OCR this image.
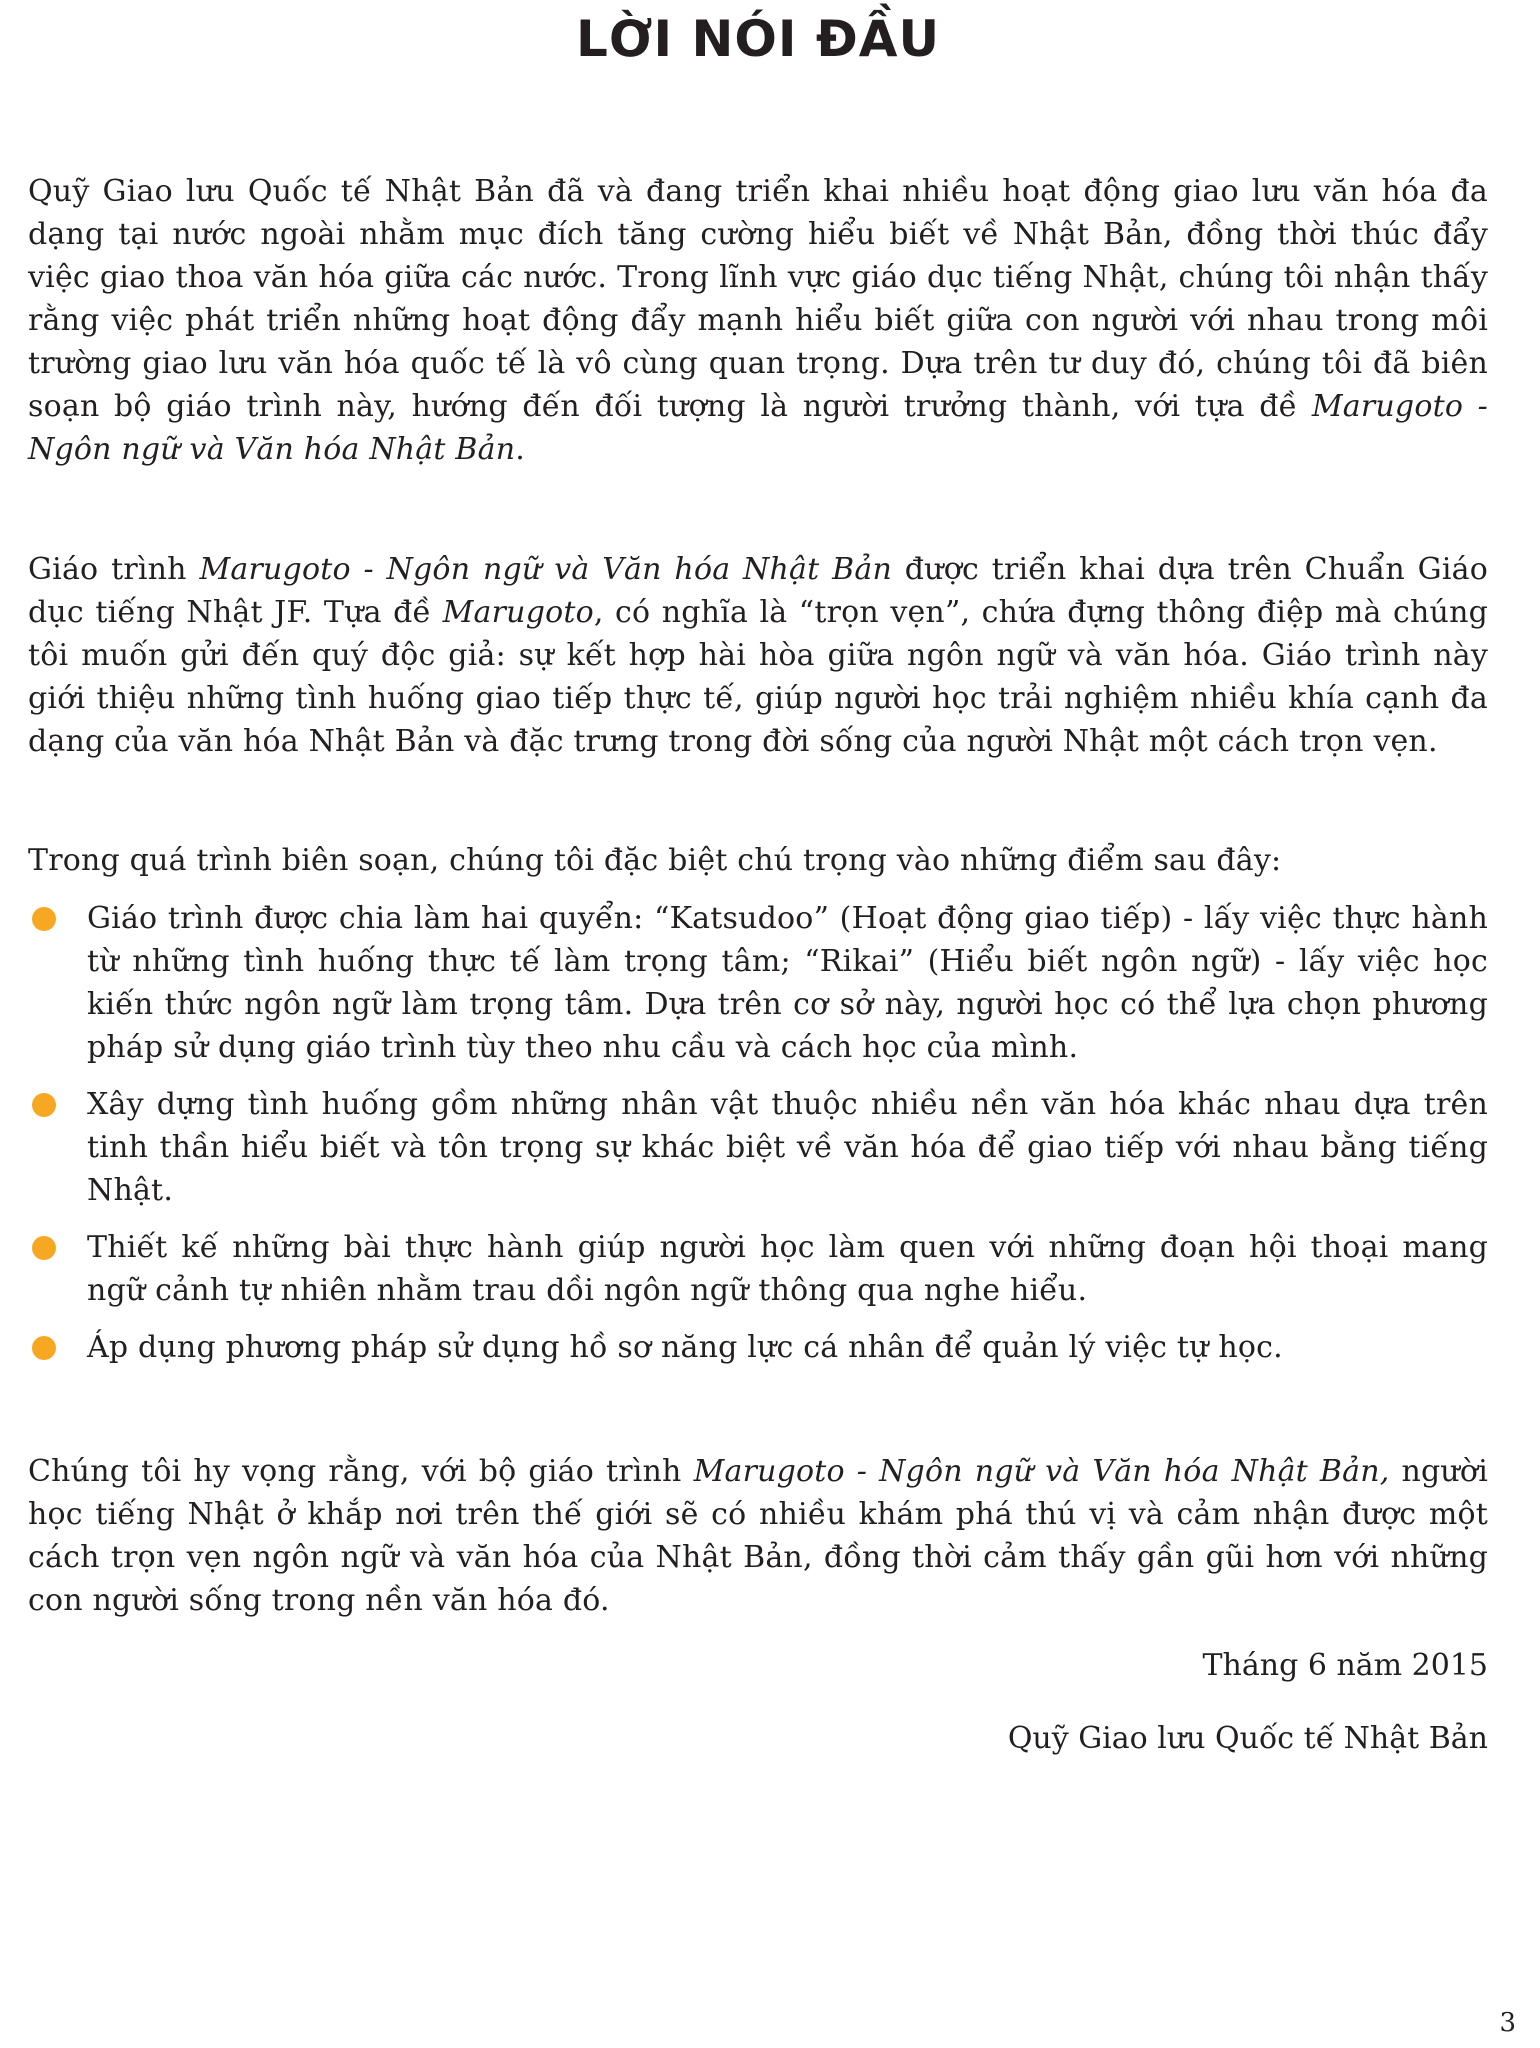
LỜI NÓI ĐẦU

Quỹ Giao lưu Quốc tế Nhật Bản đã và đang triển khai nhiều hoạt động giao lưu văn hóa đa dạng tại nước ngoài nhằm mục đích tăng cường hiểu biết về Nhật Bản, đồng thời thúc đẩy việc giao thoa văn hóa giữa các nước. Trong lĩnh vực giáo dục tiếng Nhật, chúng tôi nhận thấy rằng việc phát triển những hoạt động đẩy mạnh hiểu biết giữa con người với nhau trong môi trường giao lưu văn hóa quốc tế là vô cùng quan trọng. Dựa trên tư duy đó, chúng tôi đã biên soạn bộ giáo trình này, hướng đến đối tượng là người trưởng thành, với tựa đề Marugoto - Ngôn ngữ và Văn hóa Nhật Bản.

Giáo trình Marugoto - Ngôn ngữ và Văn hóa Nhật Bản được triển khai dựa trên Chuẩn Giáo dục tiếng Nhật JF. Tựa đề Marugoto, có nghĩa là “trọn vẹn”, chứa đựng thông điệp mà chúng tôi muốn gửi đến quý độc giả: sự kết hợp hài hòa giữa ngôn ngữ và văn hóa. Giáo trình này giới thiệu những tình huống giao tiếp thực tế, giúp người học trải nghiệm nhiều khía cạnh đa dạng của văn hóa Nhật Bản và đặc trưng trong đời sống của người Nhật một cách trọn vẹn.

Trong quá trình biên soạn, chúng tôi đặc biệt chú trọng vào những điểm sau đây:

Giáo trình được chia làm hai quyển: “Katsudoo” (Hoạt động giao tiếp) - lấy việc thực hành từ những tình huống thực tế làm trọng tâm; “Rikai” (Hiểu biết ngôn ngữ) - lấy việc học kiến thức ngôn ngữ làm trọng tâm. Dựa trên cơ sở này, người học có thể lựa chọn phương pháp sử dụng giáo trình tùy theo nhu cầu và cách học của mình.
Xây dựng tình huống gồm những nhân vật thuộc nhiều nền văn hóa khác nhau dựa trên tinh thần hiểu biết và tôn trọng sự khác biệt về văn hóa để giao tiếp với nhau bằng tiếng Nhật.
Thiết kế những bài thực hành giúp người học làm quen với những đoạn hội thoại mang ngữ cảnh tự nhiên nhằm trau dồi ngôn ngữ thông qua nghe hiểu.
Áp dụng phương pháp sử dụng hồ sơ năng lực cá nhân để quản lý việc tự học.

Chúng tôi hy vọng rằng, với bộ giáo trình Marugoto - Ngôn ngữ và Văn hóa Nhật Bản, người học tiếng Nhật ở khắp nơi trên thế giới sẽ có nhiều khám phá thú vị và cảm nhận được một cách trọn vẹn ngôn ngữ và văn hóa của Nhật Bản, đồng thời cảm thấy gần gũi hơn với những con người sống trong nền văn hóa đó.

Tháng 6 năm 2015

Quỹ Giao lưu Quốc tế Nhật Bản

3
